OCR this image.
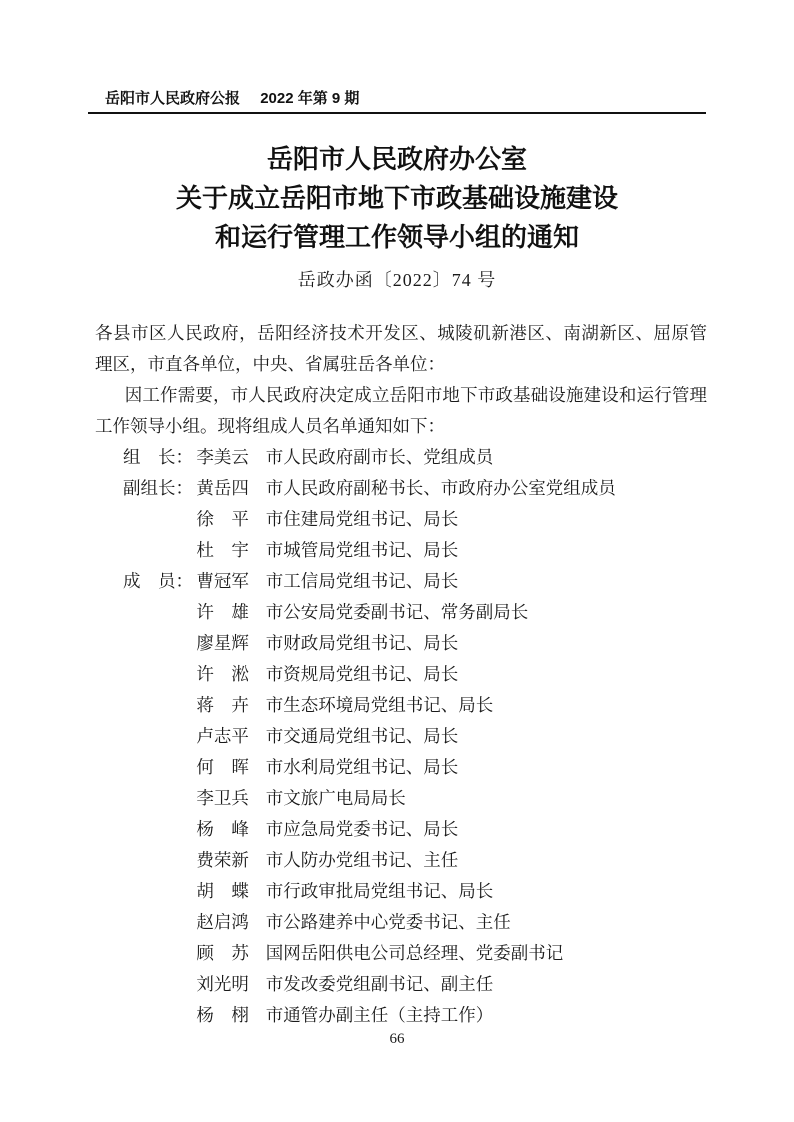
岳阳市人民政府公报 2022 年第 9 期
岳阳市人民政府办公室
关于成立岳阳市地下市政基础设施建设
和运行管理工作领导小组的通知
岳政办函〔2022〕74 号

各县市区人民政府，岳阳经济技术开发区、城陵矶新港区、南湖新区、屈原管理区，市直各单位，中央、省属驻岳各单位：

因工作需要，市人民政府决定成立岳阳市地下市政基础设施建设和运行管理工作领导小组。现将组成人员名单通知如下：

组　长： 李美云 市人民政府副市长、党组成员
副组长： 黄岳四 市人民政府副秘书长、市政府办公室党组成员
徐　平 市住建局党组书记、局长
杜　宇 市城管局党组书记、局长
成　员： 曹冠军 市工信局党组书记、局长
许　雄 市公安局党委副书记、常务副局长
廖星辉 市财政局党组书记、局长
许　淞 市资规局党组书记、局长
蒋　卉 市生态环境局党组书记、局长
卢志平 市交通局党组书记、局长
何　晖 市水利局党组书记、局长
李卫兵 市文旅广电局局长
杨　峰 市应急局党委书记、局长
费荣新 市人防办党组书记、主任
胡　蝶 市行政审批局党组书记、局长
赵启鸿 市公路建养中心党委书记、主任
顾　苏 国网岳阳供电公司总经理、党委副书记
刘光明 市发改委党组副书记、副主任
杨　栩 市通管办副主任（主持工作）
66
